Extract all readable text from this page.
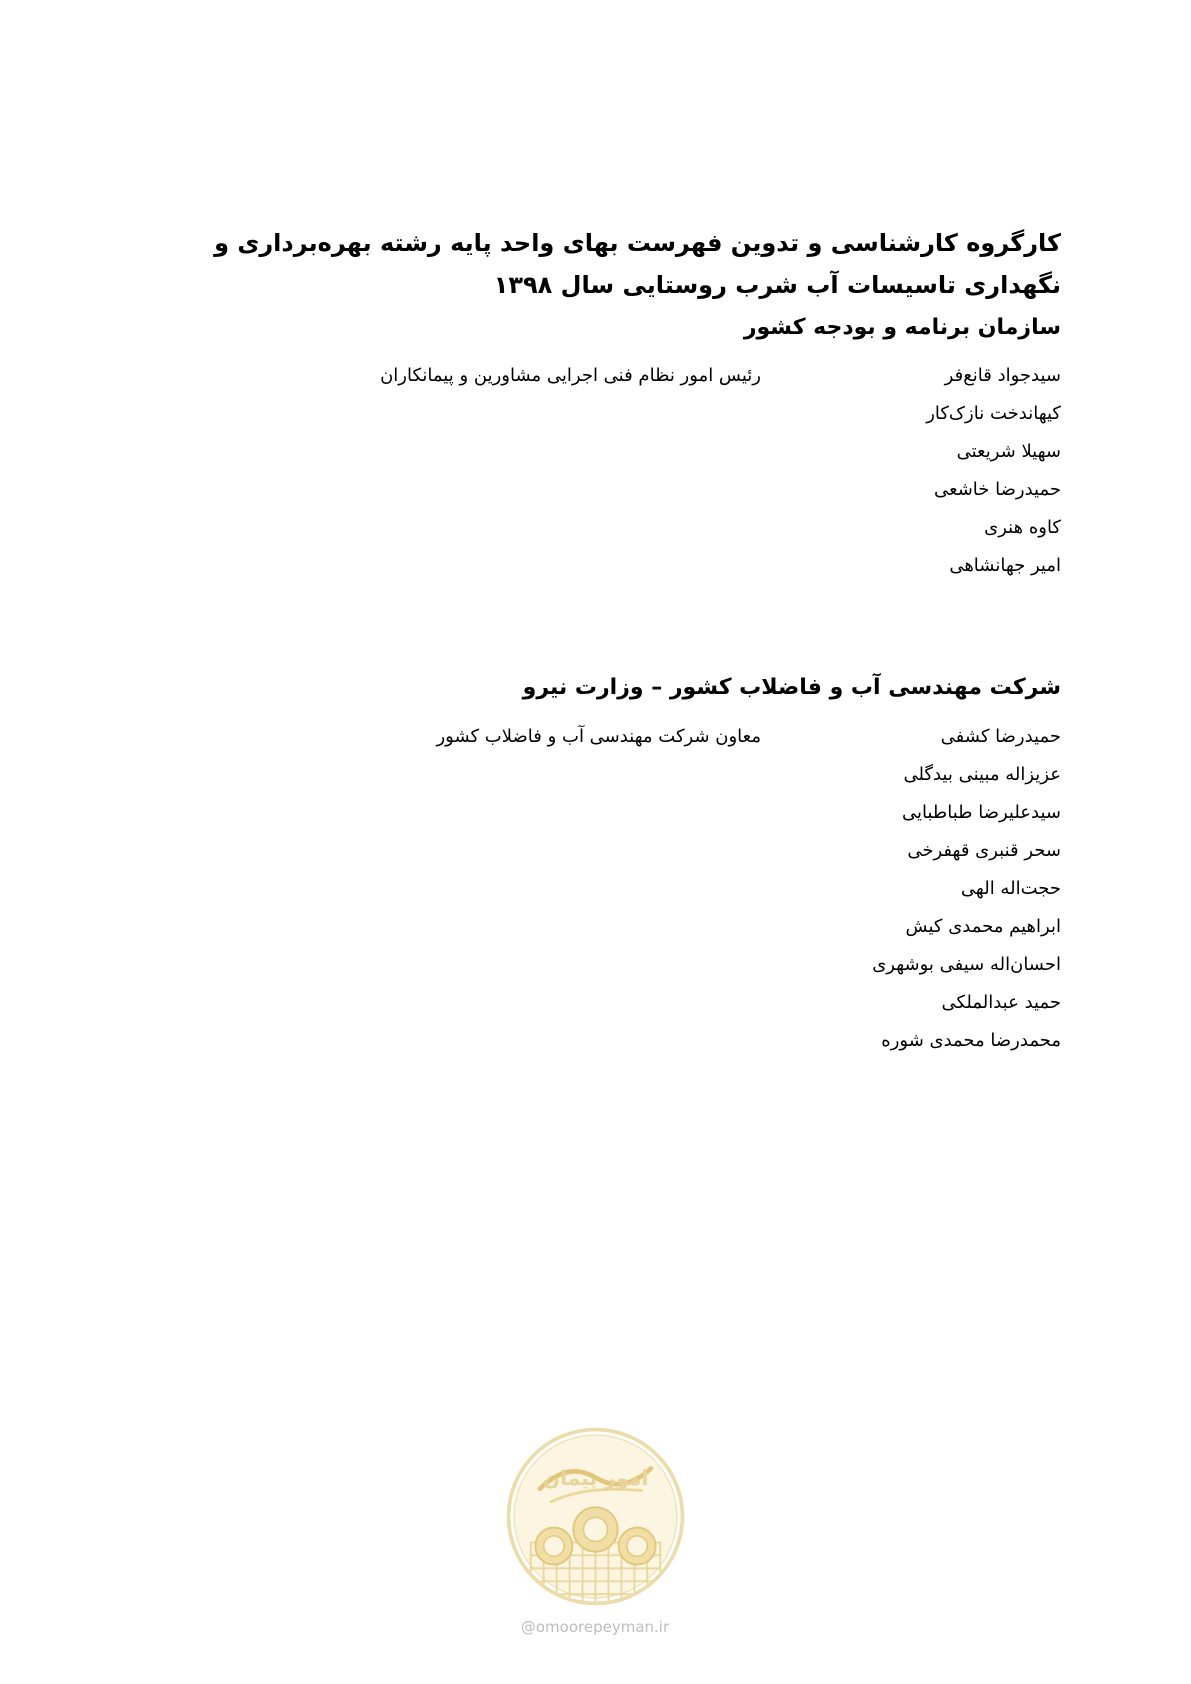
کارگروه کارشناسی و تدوین فهرست بهای واحد پایه رشته بهره‌برداری و نگهداری تاسیسات آب شرب روستایی سال ۱۳۹۸
سازمان برنامه و بودجه کشور
سیدجواد قانع‌فر
رئیس امور نظام فنی اجرایی مشاورین و پیمانکاران
کیهاندخت نازک‌کار
سهیلا شریعتی
حمیدرضا خاشعی
کاوه هنری
امیر جهانشاهی
شرکت مهندسی آب و فاضلاب کشور – وزارت نیرو
حمیدرضا کشفی
معاون شرکت مهندسی آب و فاضلاب کشور
عزیزاله مبینی بیدگلی
سیدعلیرضا طباطبایی
سحر قنبری قهفرخی
حجت‌اله الهی
ابراهیم محمدی کیش
احسان‌اله سیفی بوشهری
حمید عبدالملکی
محمدرضا محمدی شوره
امور پیمان
@omoorepeyman.ir
